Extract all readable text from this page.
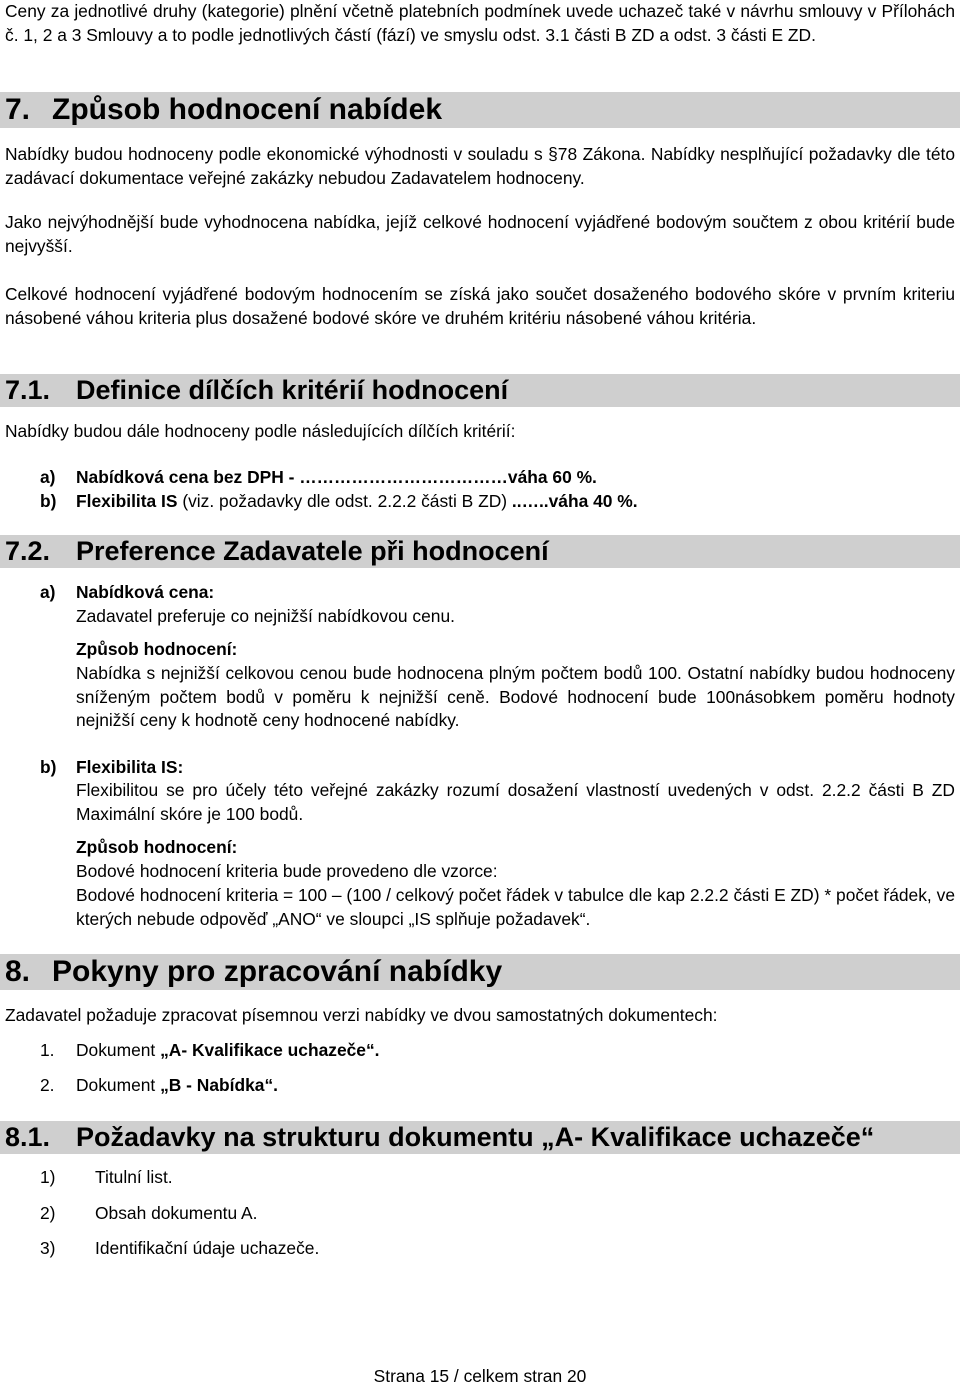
Ceny za jednotlivé druhy (kategorie) plnění včetně platebních podmínek uvede uchazeč také v návrhu smlouvy v Přílohách č. 1, 2 a 3 Smlouvy a to podle jednotlivých částí (fází) ve smyslu odst. 3.1 části B ZD a odst. 3 části E ZD.

7. Způsob hodnocení nabídek

Nabídky budou hodnoceny podle ekonomické výhodnosti v souladu s §78 Zákona. Nabídky nesplňující požadavky dle této zadávací dokumentace veřejné zakázky nebudou Zadavatelem hodnoceny.

Jako nejvýhodnější bude vyhodnocena nabídka, jejíž celkové hodnocení vyjádřené bodovým součtem z obou kritérií bude nejvyšší.

Celkové hodnocení vyjádřené bodovým hodnocením se získá jako součet dosaženého bodového skóre v prvním kriteriu násobené váhou kriteria plus dosažené bodové skóre ve druhém kritériu násobené váhou kritéria.

7.1. Definice dílčích kritérií hodnocení

Nabídky budou dále hodnoceny podle následujících dílčích kritérií:

a) Nabídková cena bez DPH - ………………………………váha 60 %.
b) Flexibilita IS (viz. požadavky dle odst. 2.2.2 části B ZD) ..…..váha 40 %.
7.2. Preference Zadavatele při hodnocení
a) Nabídková cena:
Zadavatel preferuje co nejnižší nabídkovou cenu.
Způsob hodnocení:

Nabídka s nejnižší celkovou cenou bude hodnocena plným počtem bodů 100. Ostatní nabídky budou hodnoceny sníženým počtem bodů v poměru k nejnižší ceně. Bodové hodnocení bude 100násobkem poměru hodnoty nejnižší ceny k hodnotě ceny hodnocené nabídky.

b) Flexibilita IS:

Flexibilitou se pro účely této veřejné zakázky rozumí dosažení vlastností uvedených v odst. 2.2.2 části B ZD Maximální skóre je 100 bodů.

Způsob hodnocení:
Bodové hodnocení kriteria bude provedeno dle vzorce:

Bodové hodnocení kriteria = 100 – (100 / celkový počet řádek v tabulce dle kap 2.2.2 části E ZD) * počet řádek, ve kterých nebude odpověď „ANO“ ve sloupci „IS splňuje požadavek“.

8. Pokyny pro zpracování nabídky

Zadavatel požaduje zpracovat písemnou verzi nabídky ve dvou samostatných dokumentech:

1. Dokument „A- Kvalifikace uchazeče“.
2. Dokument „B - Nabídka“.
8.1. Požadavky na strukturu dokumentu „A- Kvalifikace uchazeče“
1) Titulní list.
2) Obsah dokumentu A.
3) Identifikační údaje uchazeče.
Strana 15 / celkem stran 20
